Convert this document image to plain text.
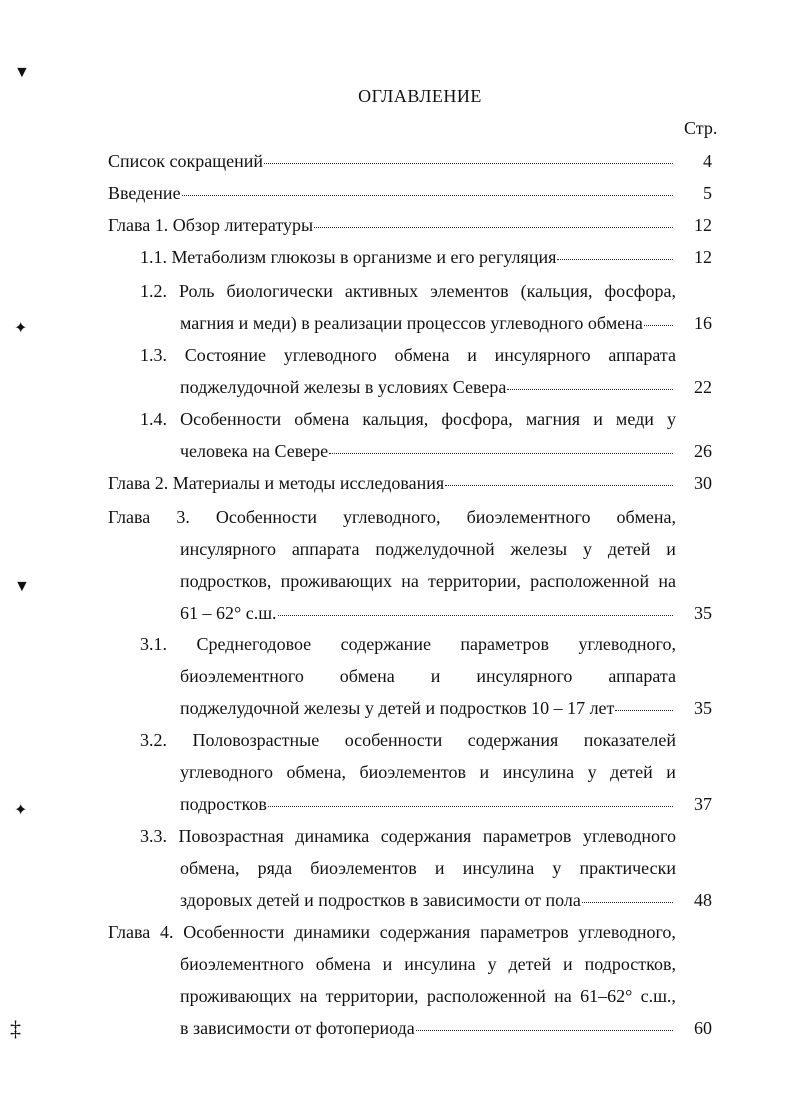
ОГЛАВЛЕНИЕ
Стр.
Список сокращений	4
Введение	5
Глава 1. Обзор литературы	12
1.1. Метаболизм глюкозы в организме и его регуляция	12
1.2. Роль биологически активных элементов (кальция, фосфора,
магния и меди) в реализации процессов углеводного обмена	16
1.3. Состояние углеводного обмена и инсулярного аппарата
поджелудочной железы в условиях Севера	22
1.4. Особенности обмена кальция, фосфора, магния и меди у
человека на Севере	26
Глава 2. Материалы и методы исследования	30
Глава 3. Особенности углеводного, биоэлементного обмена,
инсулярного аппарата поджелудочной железы у детей и
подростков, проживающих на территории, расположенной на
61 – 62° с.ш.	35
3.1. Среднегодовое содержание параметров углеводного,
биоэлементного обмена и инсулярного аппарата
поджелудочной железы у детей и подростков 10 – 17 лет	35
3.2. Половозрастные особенности содержания показателей
углеводного обмена, биоэлементов и инсулина у детей и
подростков	37
3.3. Повозрастная динамика содержания параметров углеводного
обмена, ряда биоэлементов и инсулина у практически
здоровых детей и подростков в зависимости от пола	48
Глава 4. Особенности динамики содержания параметров углеводного,
биоэлементного обмена и инсулина у детей и подростков,
проживающих на территории, расположенной на 61–62° с.ш.,
в зависимости от фотопериода	60
▼
✦
▼
✦
‡
